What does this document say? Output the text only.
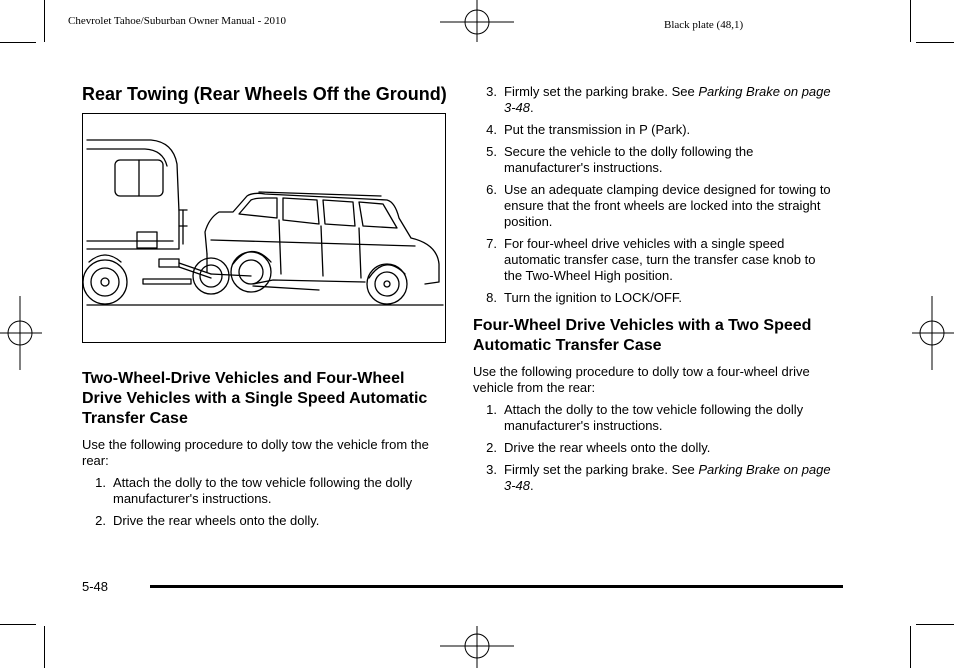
Chevrolet Tahoe/Suburban Owner Manual - 2010	Black plate (48,1)
Rear Towing (Rear Wheels Off the Ground)
Two-Wheel-Drive Vehicles and Four-Wheel Drive Vehicles with a Single Speed Automatic Transfer Case

Use the following procedure to dolly tow the vehicle from the rear:

1. Attach the dolly to the tow vehicle following the dolly manufacturer's instructions.
2. Drive the rear wheels onto the dolly.
3. Firmly set the parking brake. See Parking Brake on page 3-48.
4. Put the transmission in P (Park).
5. Secure the vehicle to the dolly following the manufacturer's instructions.
6. Use an adequate clamping device designed for towing to ensure that the front wheels are locked into the straight position.
7. For four-wheel drive vehicles with a single speed automatic transfer case, turn the transfer case knob to the Two-Wheel High position.
8. Turn the ignition to LOCK/OFF.
Four-Wheel Drive Vehicles with a Two Speed Automatic Transfer Case

Use the following procedure to dolly tow a four-wheel drive vehicle from the rear:

1. Attach the dolly to the tow vehicle following the dolly manufacturer's instructions.
2. Drive the rear wheels onto the dolly.
3. Firmly set the parking brake. See Parking Brake on page 3-48.
5-48
